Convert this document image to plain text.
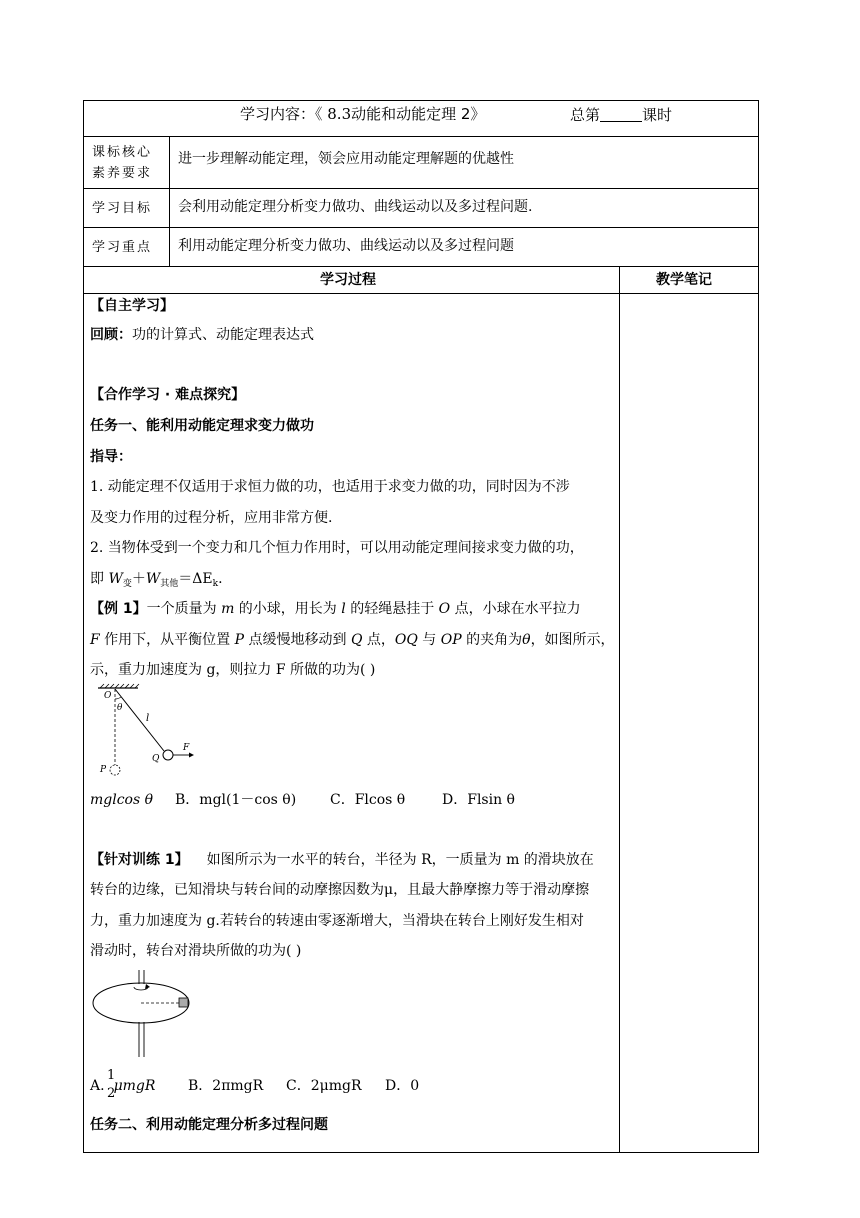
学习内容：《 8.3动能和动能定理 2》	总第	课时
课标核心
素养要求
进一步理解动能定理，领会应用动能定理解题的优越性
学习目标 会利用动能定理分析变力做功、曲线运动以及多过程问题.
学习重点 利用动能定理分析变力做功、曲线运动以及多过程问题
学习过程	教学笔记
【自主学习】
回顾：功的计算式、动能定理表达式
【合作学习 · 难点探究】
任务一、能利用动能定理求变力做功
指导：
1. 动能定理不仅适用于求恒力做的功，也适用于求变力做的功，同时因为不涉
及变力作用的过程分析，应用非常方便.
2. 当物体受到一个变力和几个恒力作用时，可以用动能定理间接求变力做的功，
即 $W_变+W_{其他}=\Delta E_k$.
【例 1】一个质量为 m 的小球，用长为 l 的轻绳悬挂于 O 点，小球在水平拉力
F 作用下，从平衡位置 P 点缓慢地移动到 Q 点，OQ 与 OP 的夹角为θ，如图所示，
示，重力加速度为 g，则拉力 F 所做的功为( )
O
θ
l
F
Q
P
mglcos θ B．mgl(1－cos θ) C．Flcos θ	D．Flsin θ
【针对训练 1】 如图所示为一水平的转台，半径为 R，一质量为 m 的滑块放在
转台的边缘，已知滑块与转台间的动摩擦因数为μ，且最大静摩擦力等于滑动摩擦
力，重力加速度为 g.若转台的转速由零逐渐增大，当滑块在转台上刚好发生相对
滑动时，转台对滑块所做的功为( )
A. μmgR
1
2	B．2πmgR C．2μmgR D．0
任务二、利用动能定理分析多过程问题
